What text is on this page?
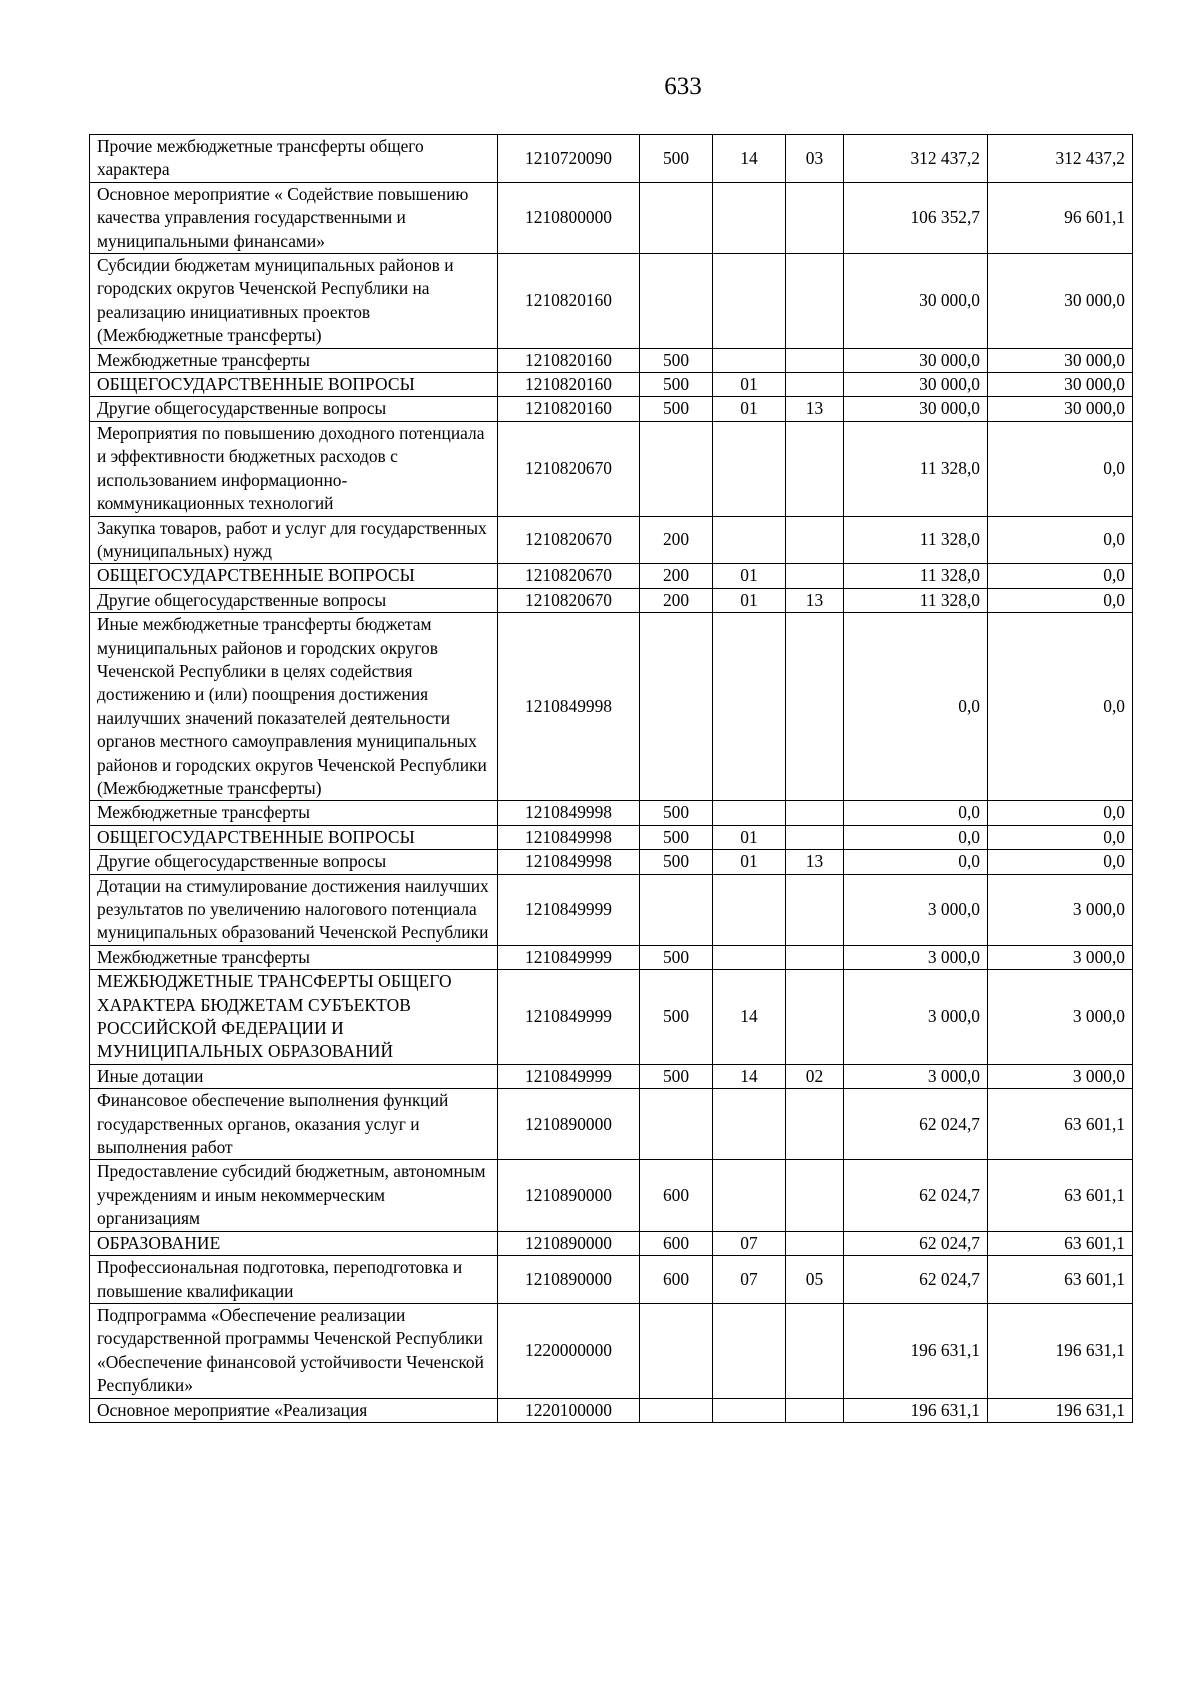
633
Прочие межбюджетные трансферты общего характера	1210720090	500	14	03	312 437,2	312 437,2
Основное мероприятие « Содействие повышению качества управления государственными и муниципальными финансами»	1210800000				106 352,7	96 601,1
Субсидии бюджетам муниципальных районов и городских округов Чеченской Республики на реализацию инициативных проектов (Межбюджетные трансферты)	1210820160				30 000,0	30 000,0
Межбюджетные трансферты	1210820160	500			30 000,0	30 000,0
ОБЩЕГОСУДАРСТВЕННЫЕ ВОПРОСЫ	1210820160	500	01		30 000,0	30 000,0
Другие общегосударственные вопросы	1210820160	500	01	13	30 000,0	30 000,0
Мероприятия по повышению доходного потенциала и эффективности бюджетных расходов с использованием информационно-коммуникационных технологий	1210820670				11 328,0	0,0
Закупка товаров, работ и услуг для государственных (муниципальных) нужд	1210820670	200			11 328,0	0,0
ОБЩЕГОСУДАРСТВЕННЫЕ ВОПРОСЫ	1210820670	200	01		11 328,0	0,0
Другие общегосударственные вопросы	1210820670	200	01	13	11 328,0	0,0
Иные межбюджетные трансферты бюджетам муниципальных районов и городских округов Чеченской Республики в целях содействия достижению и (или) поощрения достижения наилучших значений показателей деятельности органов местного самоуправления муниципальных районов и городских округов Чеченской Республики (Межбюджетные трансферты)	1210849998				0,0	0,0
Межбюджетные трансферты	1210849998	500			0,0	0,0
ОБЩЕГОСУДАРСТВЕННЫЕ ВОПРОСЫ	1210849998	500	01		0,0	0,0
Другие общегосударственные вопросы	1210849998	500	01	13	0,0	0,0
Дотации на стимулирование достижения наилучших результатов по увеличению налогового потенциала муниципальных образований Чеченской Республики	1210849999				3 000,0	3 000,0
Межбюджетные трансферты	1210849999	500			3 000,0	3 000,0
МЕЖБЮДЖЕТНЫЕ ТРАНСФЕРТЫ ОБЩЕГО ХАРАКТЕРА БЮДЖЕТАМ СУБЪЕКТОВ РОССИЙСКОЙ ФЕДЕРАЦИИ И МУНИЦИПАЛЬНЫХ ОБРАЗОВАНИЙ	1210849999	500	14		3 000,0	3 000,0
Иные дотации	1210849999	500	14	02	3 000,0	3 000,0
Финансовое обеспечение выполнения функций государственных органов, оказания услуг и выполнения работ	1210890000				62 024,7	63 601,1
Предоставление субсидий бюджетным, автономным учреждениям и иным некоммерческим организациям	1210890000	600			62 024,7	63 601,1
ОБРАЗОВАНИЕ	1210890000	600	07		62 024,7	63 601,1
Профессиональная подготовка, переподготовка и повышение квалификации	1210890000	600	07	05	62 024,7	63 601,1
Подпрограмма «Обеспечение реализации государственной программы Чеченской Республики «Обеспечение финансовой устойчивости Чеченской Республики»	1220000000				196 631,1	196 631,1
Основное мероприятие «Реализация	1220100000				196 631,1	196 631,1
